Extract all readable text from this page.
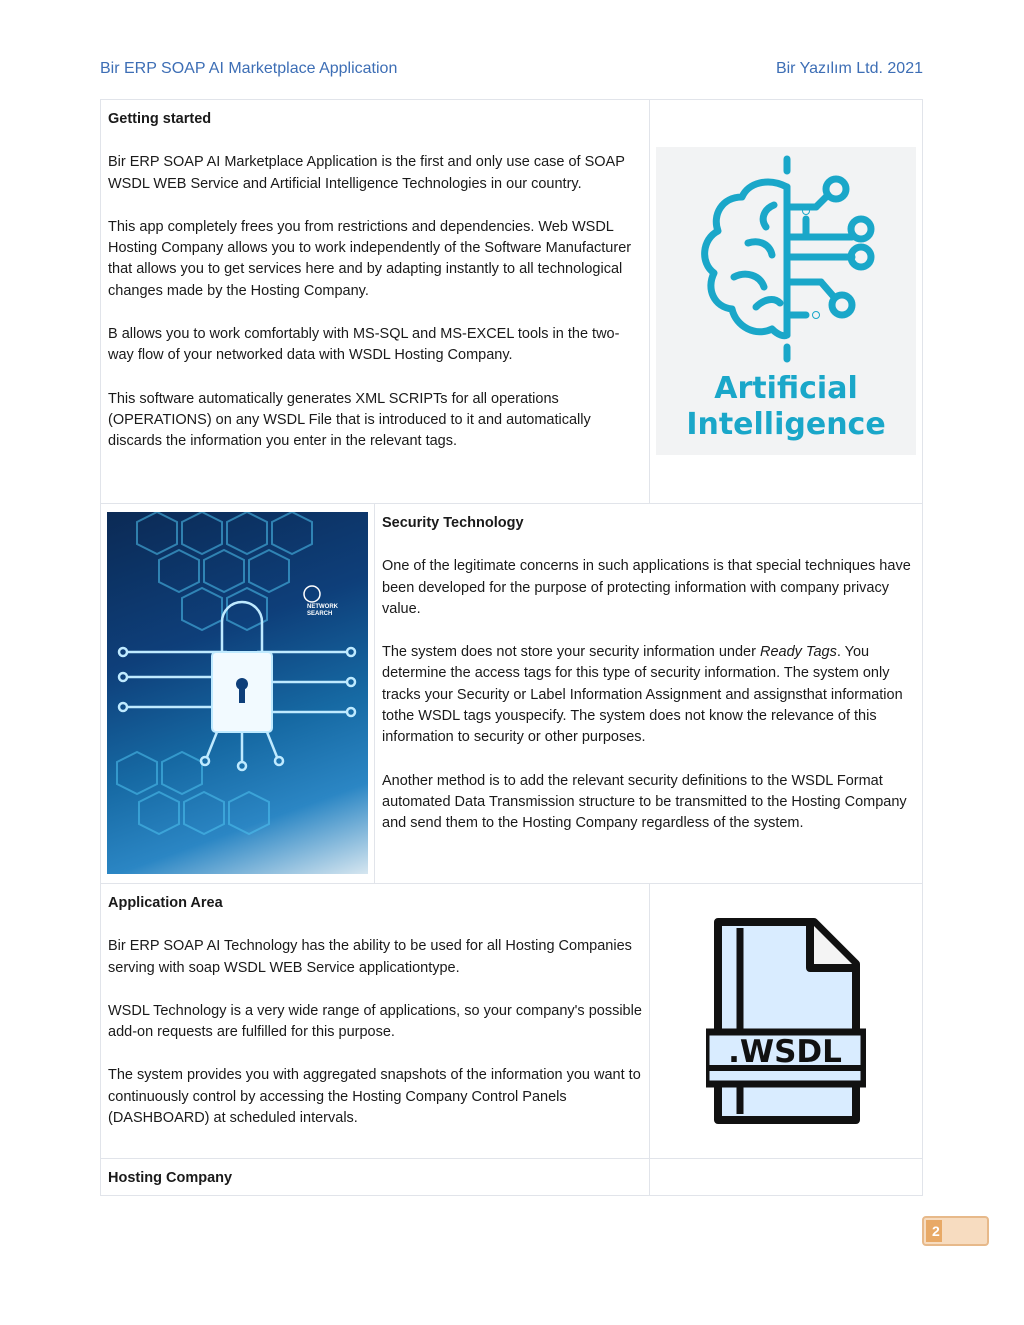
Bir ERP SOAP AI Marketplace Application	Bir Yazılım Ltd. 2021
Getting started

Bir ERP SOAP AI Marketplace Application is the first and only use case of SOAP WSDL WEB Service and Artificial Intelligence Technologies in our country.

This app completely frees you from restrictions and dependencies. Web WSDL Hosting Company allows you to work independently of the Software Manufacturer that allows you to get services here and by adapting instantly to all technological changes made by the Hosting Company.

B allows you to work comfortably with MS-SQL and MS-EXCEL tools in the two-way flow of your networked data with WSDL Hosting Company.

This software automatically generates XML SCRIPTs for all operations (OPERATIONS) on any WSDL File that is introduced to it and automatically discards the information you enter in the relevant tags.

Artificial
Intelligence
NETWORK SEARCH
Security Technology

One of the legitimate concerns in such applications is that special techniques have been developed for the purpose of protecting information with company privacy value.

The system does not store your security information under Ready Tags. You determine the access tags for this type of security information. The system only tracks your Security or Label Information Assignment and assignsthat information tothe WSDL tags youspecify. The system does not know the relevance of this information to security or other purposes.

Another method is to add the relevant security definitions to the WSDL Format automated Data Transmission structure to be transmitted to the Hosting Company and send them to the Hosting Company regardless of the system.

Application Area

Bir ERP SOAP AI Technology has the ability to be used for all Hosting Companies serving with soap WSDL WEB Service applicationtype.

WSDL Technology is a very wide range of applications, so your company's possible add-on requests are fulfilled for this purpose.

The system provides you with aggregated snapshots of the information you want to continuously control by accessing the Hosting Company Control Panels (DASHBOARD) at scheduled intervals.

.WSDL
Hosting Company
2
